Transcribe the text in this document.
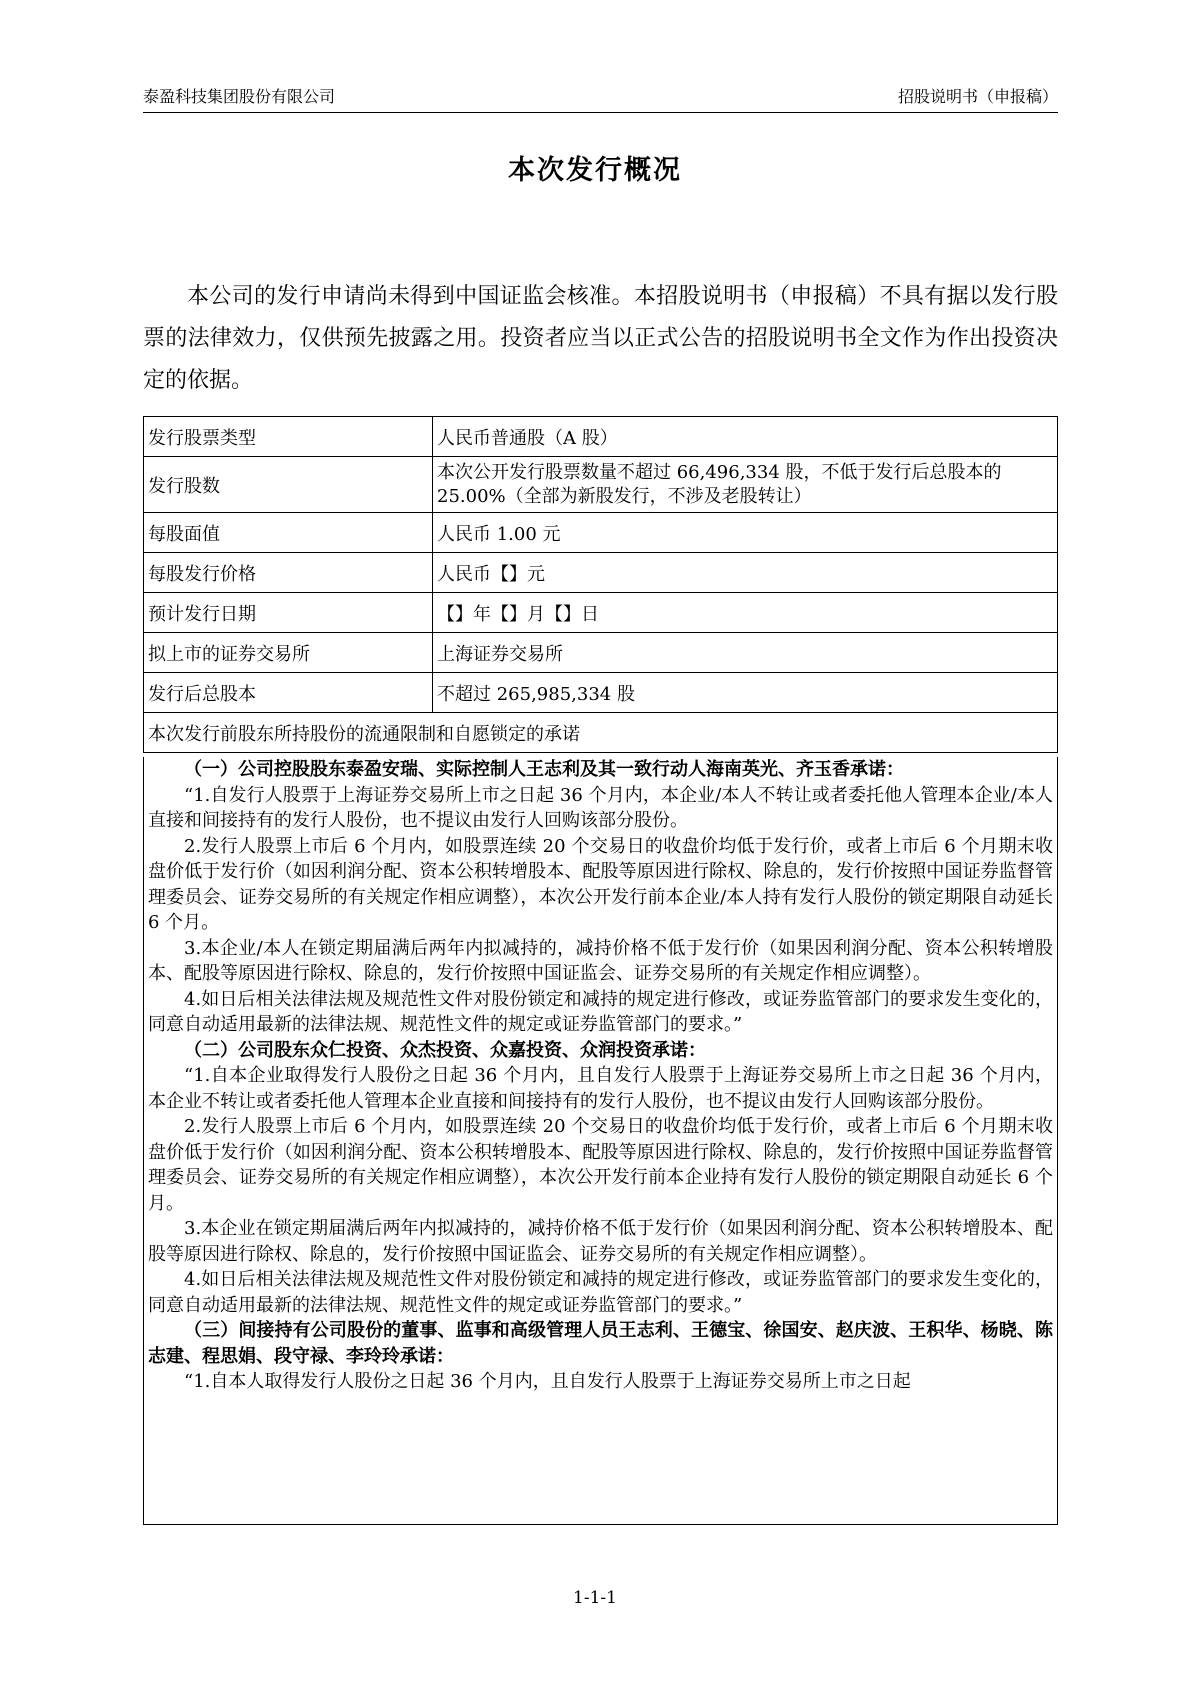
泰盈科技集团股份有限公司	招股说明书（申报稿）
本次发行概况

本公司的发行申请尚未得到中国证监会核准。本招股说明书（申报稿）不具有据以发行股票的法律效力，仅供预先披露之用。投资者应当以正式公告的招股说明书全文作为作出投资决定的依据。

发行股票类型	人民币普通股（A 股）
发行股数	本次公开发行股票数量不超过 66,496,334 股，不低于发行后总股本的 25.00%（全部为新股发行，不涉及老股转让）
每股面值	人民币 1.00 元
每股发行价格	人民币【】元
预计发行日期	【】年【】月【】日
拟上市的证券交易所	上海证券交易所
发行后总股本	不超过 265,985,334 股
本次发行前股东所持股份的流通限制和自愿锁定的承诺	

（一）公司控股股东泰盈安瑞、实际控制人王志利及其一致行动人海南英光、齐玉香承诺：

“1.自发行人股票于上海证券交易所上市之日起 36 个月内，本企业/本人不转让或者委托他人管理本企业/本人直接和间接持有的发行人股份，也不提议由发行人回购该部分股份。

2.发行人股票上市后 6 个月内，如股票连续 20 个交易日的收盘价均低于发行价，或者上市后 6 个月期末收盘价低于发行价（如因利润分配、资本公积转增股本、配股等原因进行除权、除息的，发行价按照中国证券监督管理委员会、证券交易所的有关规定作相应调整），本次公开发行前本企业/本人持有发行人股份的锁定期限自动延长 6 个月。

3.本企业/本人在锁定期届满后两年内拟减持的，减持价格不低于发行价（如果因利润分配、资本公积转增股本、配股等原因进行除权、除息的，发行价按照中国证监会、证券交易所的有关规定作相应调整）。

4.如日后相关法律法规及规范性文件对股份锁定和减持的规定进行修改，或证券监管部门的要求发生变化的，同意自动适用最新的法律法规、规范性文件的规定或证券监管部门的要求。”

（二）公司股东众仁投资、众杰投资、众嘉投资、众润投资承诺：

“1.自本企业取得发行人股份之日起 36 个月内，且自发行人股票于上海证券交易所上市之日起 36 个月内，本企业不转让或者委托他人管理本企业直接和间接持有的发行人股份，也不提议由发行人回购该部分股份。

2.发行人股票上市后 6 个月内，如股票连续 20 个交易日的收盘价均低于发行价，或者上市后 6 个月期末收盘价低于发行价（如因利润分配、资本公积转增股本、配股等原因进行除权、除息的，发行价按照中国证券监督管理委员会、证券交易所的有关规定作相应调整），本次公开发行前本企业持有发行人股份的锁定期限自动延长 6 个月。

3.本企业在锁定期届满后两年内拟减持的，减持价格不低于发行价（如果因利润分配、资本公积转增股本、配股等原因进行除权、除息的，发行价按照中国证监会、证券交易所的有关规定作相应调整）。

4.如日后相关法律法规及规范性文件对股份锁定和减持的规定进行修改，或证券监管部门的要求发生变化的，同意自动适用最新的法律法规、规范性文件的规定或证券监管部门的要求。”

（三）间接持有公司股份的董事、监事和高级管理人员王志利、王德宝、徐国安、赵庆波、王积华、杨晓、陈志建、程思娟、段守禄、李玲玲承诺：

“1.自本人取得发行人股份之日起 36 个月内，且自发行人股票于上海证券交易所上市之日起

1-1-1
